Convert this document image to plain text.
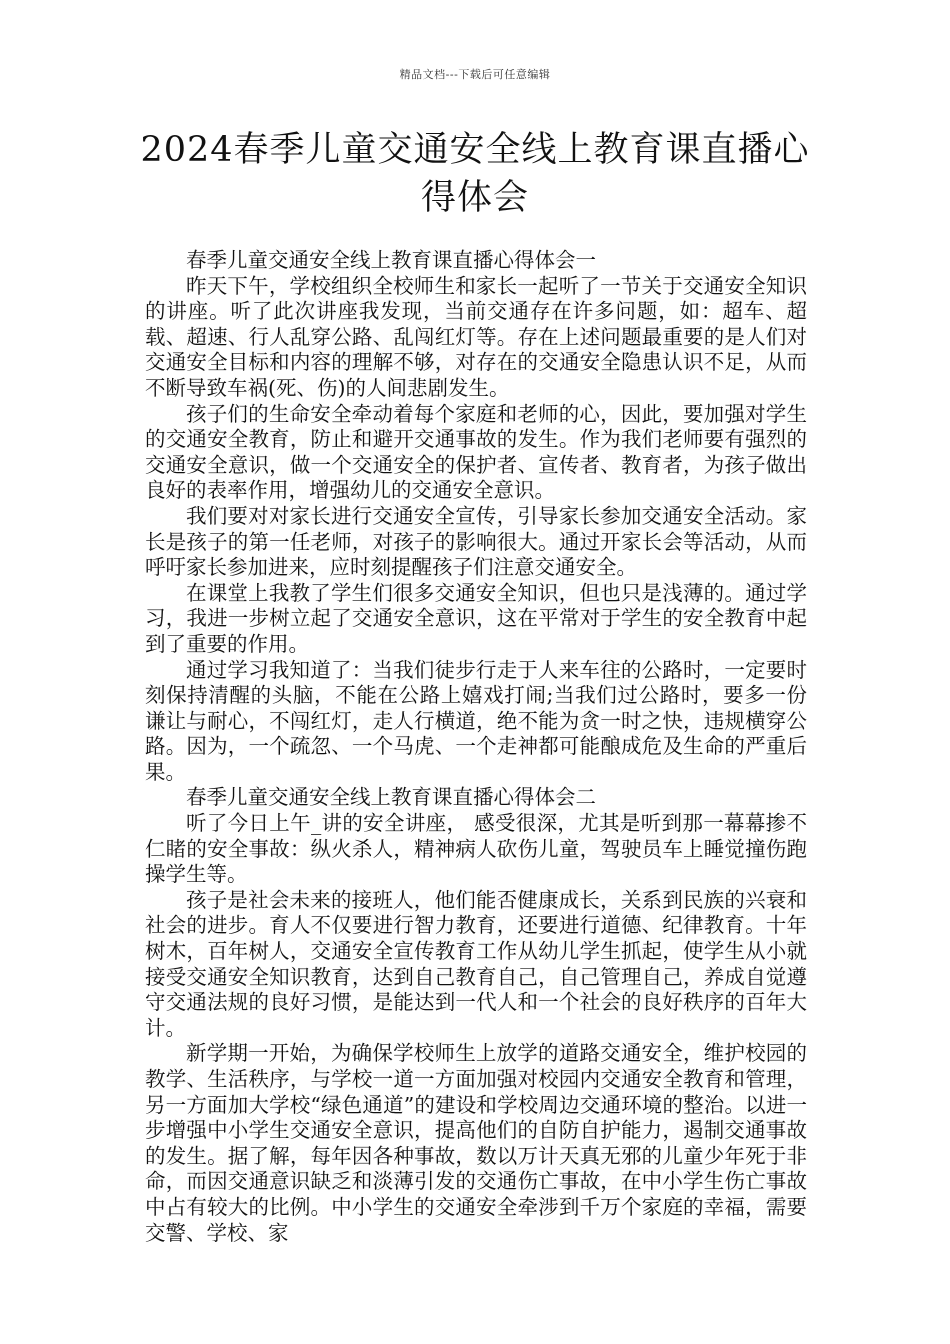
精品文档---下载后可任意编辑
2024春季儿童交通安全线上教育课直播心得体会

春季儿童交通安全线上教育课直播心得体会一

昨天下午，学校组织全校师生和家长一起听了一节关于交通安全知识的讲座。听了此次讲座我发现，当前交通存在许多问题，如：超车、超载、超速、行人乱穿公路、乱闯红灯等。存在上述问题最重要的是人们对交通安全目标和内容的理解不够，对存在的交通安全隐患认识不足，从而不断导致车祸(死、伤)的人间悲剧发生。

孩子们的生命安全牵动着每个家庭和老师的心，因此，要加强对学生的交通安全教育，防止和避开交通事故的发生。作为我们老师要有强烈的交通安全意识，做一个交通安全的保护者、宣传者、教育者，为孩子做出良好的表率作用，增强幼儿的交通安全意识。

我们要对对家长进行交通安全宣传，引导家长参加交通安全活动。家长是孩子的第一任老师，对孩子的影响很大。通过开家长会等活动，从而呼吁家长参加进来，应时刻提醒孩子们注意交通安全。

在课堂上我教了学生们很多交通安全知识，但也只是浅薄的。通过学习，我进一步树立起了交通安全意识，这在平常对于学生的安全教育中起到了重要的作用。

通过学习我知道了：当我们徒步行走于人来车往的公路时，一定要时刻保持清醒的头脑，不能在公路上嬉戏打闹;当我们过公路时，要多一份谦让与耐心，不闯红灯，走人行横道，绝不能为贪一时之快，违规横穿公路。因为，一个疏忽、一个马虎、一个走神都可能酿成危及生命的严重后果。

春季儿童交通安全线上教育课直播心得体会二

听了今日上午_讲的安全讲座， 感受很深，尤其是听到那一幕幕掺不仁睹的安全事故：纵火杀人，精神病人砍伤儿童，驾驶员车上睡觉撞伤跑操学生等。

孩子是社会未来的接班人，他们能否健康成长，关系到民族的兴衰和社会的进步。育人不仅要进行智力教育，还要进行道德、纪律教育。十年树木，百年树人，交通安全宣传教育工作从幼儿学生抓起，使学生从小就接受交通安全知识教育，达到自己教育自己，自己管理自己，养成自觉遵守交通法规的良好习惯，是能达到一代人和一个社会的良好秩序的百年大计。

新学期一开始，为确保学校师生上放学的道路交通安全，维护校园的教学、生活秩序，与学校一道一方面加强对校园内交通安全教育和管理，另一方面加大学校“绿色通道”的建设和学校周边交通环境的整治。以进一步增强中小学生交通安全意识，提高他们的自防自护能力，遏制交通事故的发生。据了解，每年因各种事故，数以万计天真无邪的儿童少年死于非命，而因交通意识缺乏和淡薄引发的交通伤亡事故，在中小学生伤亡事故中占有较大的比例。中小学生的交通安全牵涉到千万个家庭的幸福，需要交警、学校、家
